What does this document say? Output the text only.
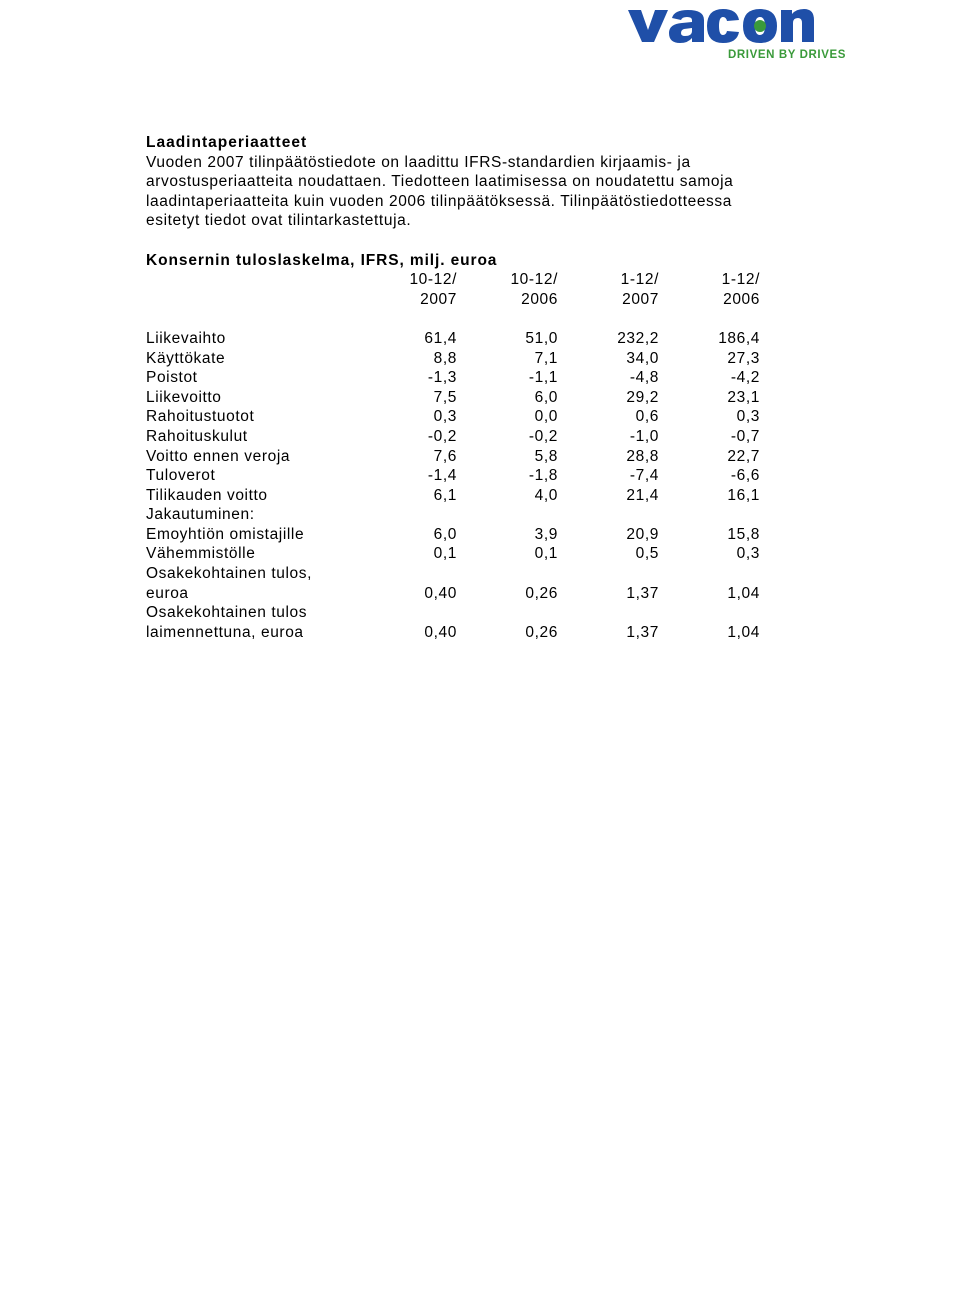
DRIVEN BY DRIVES
Laadintaperiaatteet
Vuoden 2007 tilinpäätöstiedote on laadittu IFRS-standardien kirjaamis- ja
arvostusperiaatteita noudattaen. Tiedotteen laatimisessa on noudatettu samoja
laadintaperiaatteita kuin vuoden 2006 tilinpäätöksessä. Tilinpäätöstiedotteessa
esitetyt tiedot ovat tilintarkastettuja.
Konsernin tuloslaskelma, IFRS, milj. euroa
	10-12/	10-12/	1-12/	1-12/
	2007	2006	2007	2006

Liikevaihto	61,4	51,0	232,2	186,4
Käyttökate	8,8	7,1	34,0	27,3
Poistot	-1,3	-1,1	-4,8	-4,2
Liikevoitto	7,5	6,0	29,2	23,1
Rahoitustuotot	0,3	0,0	0,6	0,3
Rahoituskulut	-0,2	-0,2	-1,0	-0,7
Voitto ennen veroja	7,6	5,8	28,8	22,7
Tuloverot	-1,4	-1,8	-7,4	-6,6
Tilikauden voitto	6,1	4,0	21,4	16,1
Jakautuminen:				
Emoyhtiön omistajille	6,0	3,9	20,9	15,8
Vähemmistölle	0,1	0,1	0,5	0,3
Osakekohtainen tulos,				
euroa	0,40	0,26	1,37	1,04
Osakekohtainen tulos				
laimennettuna, euroa	0,40	0,26	1,37	1,04
